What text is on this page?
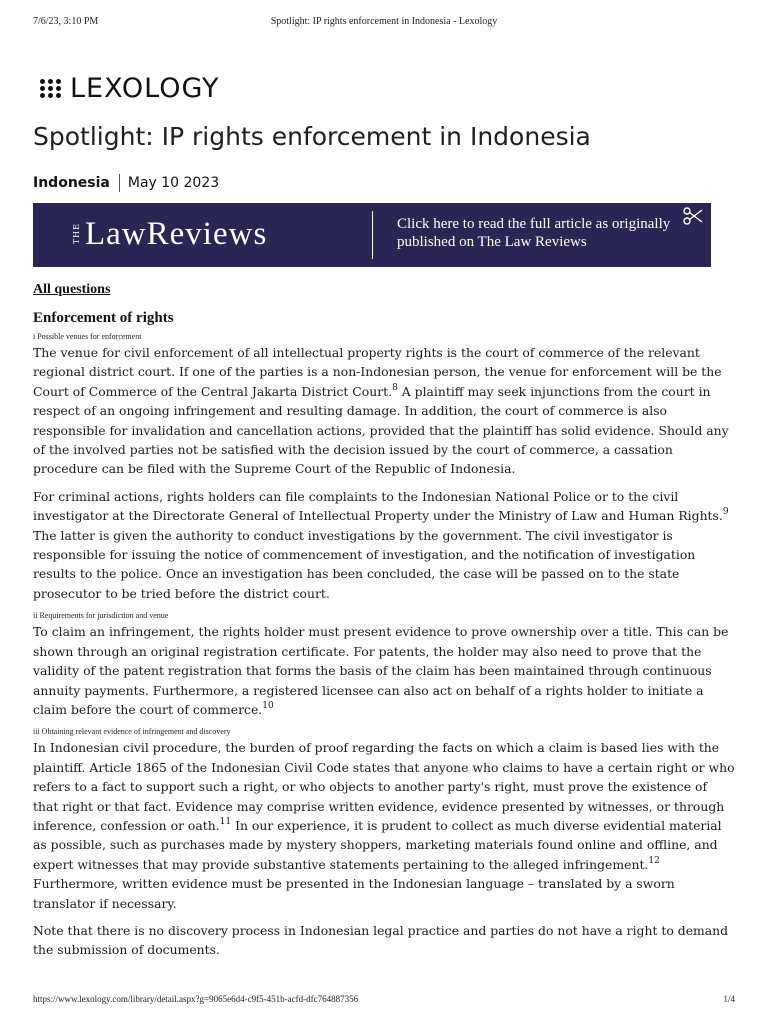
7/6/23, 3:10 PM	Spotlight: IP rights enforcement in Indonesia - Lexology
LEXOLOGY
Spotlight: IP rights enforcement in Indonesia
Indonesia May 10 2023
THE LawReviews	Click here to read the full article as originally
published on The Law Reviews
All questions
Enforcement of rights
i Possible venues for enforcement

The venue for civil enforcement of all intellectual property rights is the court of commerce of the relevant regional district court. If one of the parties is a non-Indonesian person, the venue for enforcement will be the Court of Commerce of the Central Jakarta District Court.$^8$ A plaintiff may seek injunctions from the court in respect of an ongoing infringement and resulting damage. In addition, the court of commerce is also responsible for invalidation and cancellation actions, provided that the plaintiff has solid evidence. Should any of the involved parties not be satisfied with the decision issued by the court of commerce, a cassation procedure can be filed with the Supreme Court of the Republic of Indonesia.

For criminal actions, rights holders can file complaints to the Indonesian National Police or to the civil investigator at the Directorate General of Intellectual Property under the Ministry of Law and Human Rights.$^9$ The latter is given the authority to conduct investigations by the government. The civil investigator is responsible for issuing the notice of commencement of investigation, and the notification of investigation results to the police. Once an investigation has been concluded, the case will be passed on to the state prosecutor to be tried before the district court.

ii Requirements for jurisdiction and venue

To claim an infringement, the rights holder must present evidence to prove ownership over a title. This can be shown through an original registration certificate. For patents, the holder may also need to prove that the validity of the patent registration that forms the basis of the claim has been maintained through continuous annuity payments. Furthermore, a registered licensee can also act on behalf of a rights holder to initiate a claim before the court of commerce.$^{10}$

iii Obtaining relevant evidence of infringement and discovery

In Indonesian civil procedure, the burden of proof regarding the facts on which a claim is based lies with the plaintiff. Article 1865 of the Indonesian Civil Code states that anyone who claims to have a certain right or who refers to a fact to support such a right, or who objects to another party's right, must prove the existence of that right or that fact. Evidence may comprise written evidence, evidence presented by witnesses, or through inference, confession or oath.$^{11}$ In our experience, it is prudent to collect as much diverse evidential material as possible, such as purchases made by mystery shoppers, marketing materials found online and offline, and expert witnesses that may provide substantive statements pertaining to the alleged infringement.$^{12}$ Furthermore, written evidence must be presented in the Indonesian language – translated by a sworn translator if necessary.

Note that there is no discovery process in Indonesian legal practice and parties do not have a right to demand the submission of documents.

https://www.lexology.com/library/detail.aspx?g=9065e6d4-c9f5-451b-acfd-dfc764887356	1/4
